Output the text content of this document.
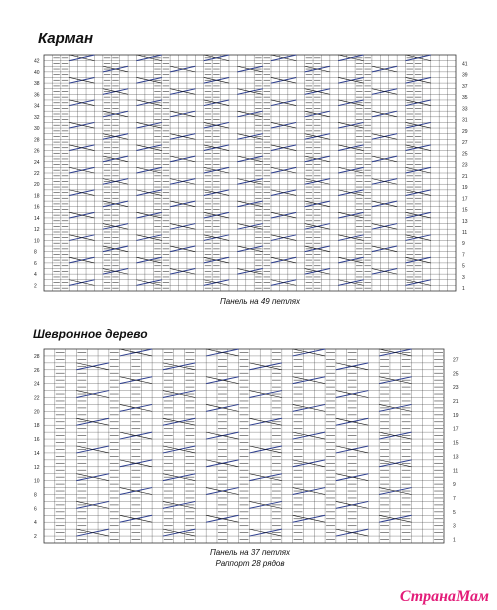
Карман
Панель на 49 петлях
Шевронное дерево
Панель на 37 петлях
Раппорт 28 рядов
2
4
6
8
10
12
14
16
18
20
22
24
26
28
30
32
34
36
38
40
42
1
3
5
7
9
11
13
15
17
19
21
23
25
27
29
31
33
35
37
39
41
2
4
6
8
10
12
14
16
18
20
22
24
26
28
1
3
5
7
9
11
13
15
17
19
21
23
25
27
СтранаМам
